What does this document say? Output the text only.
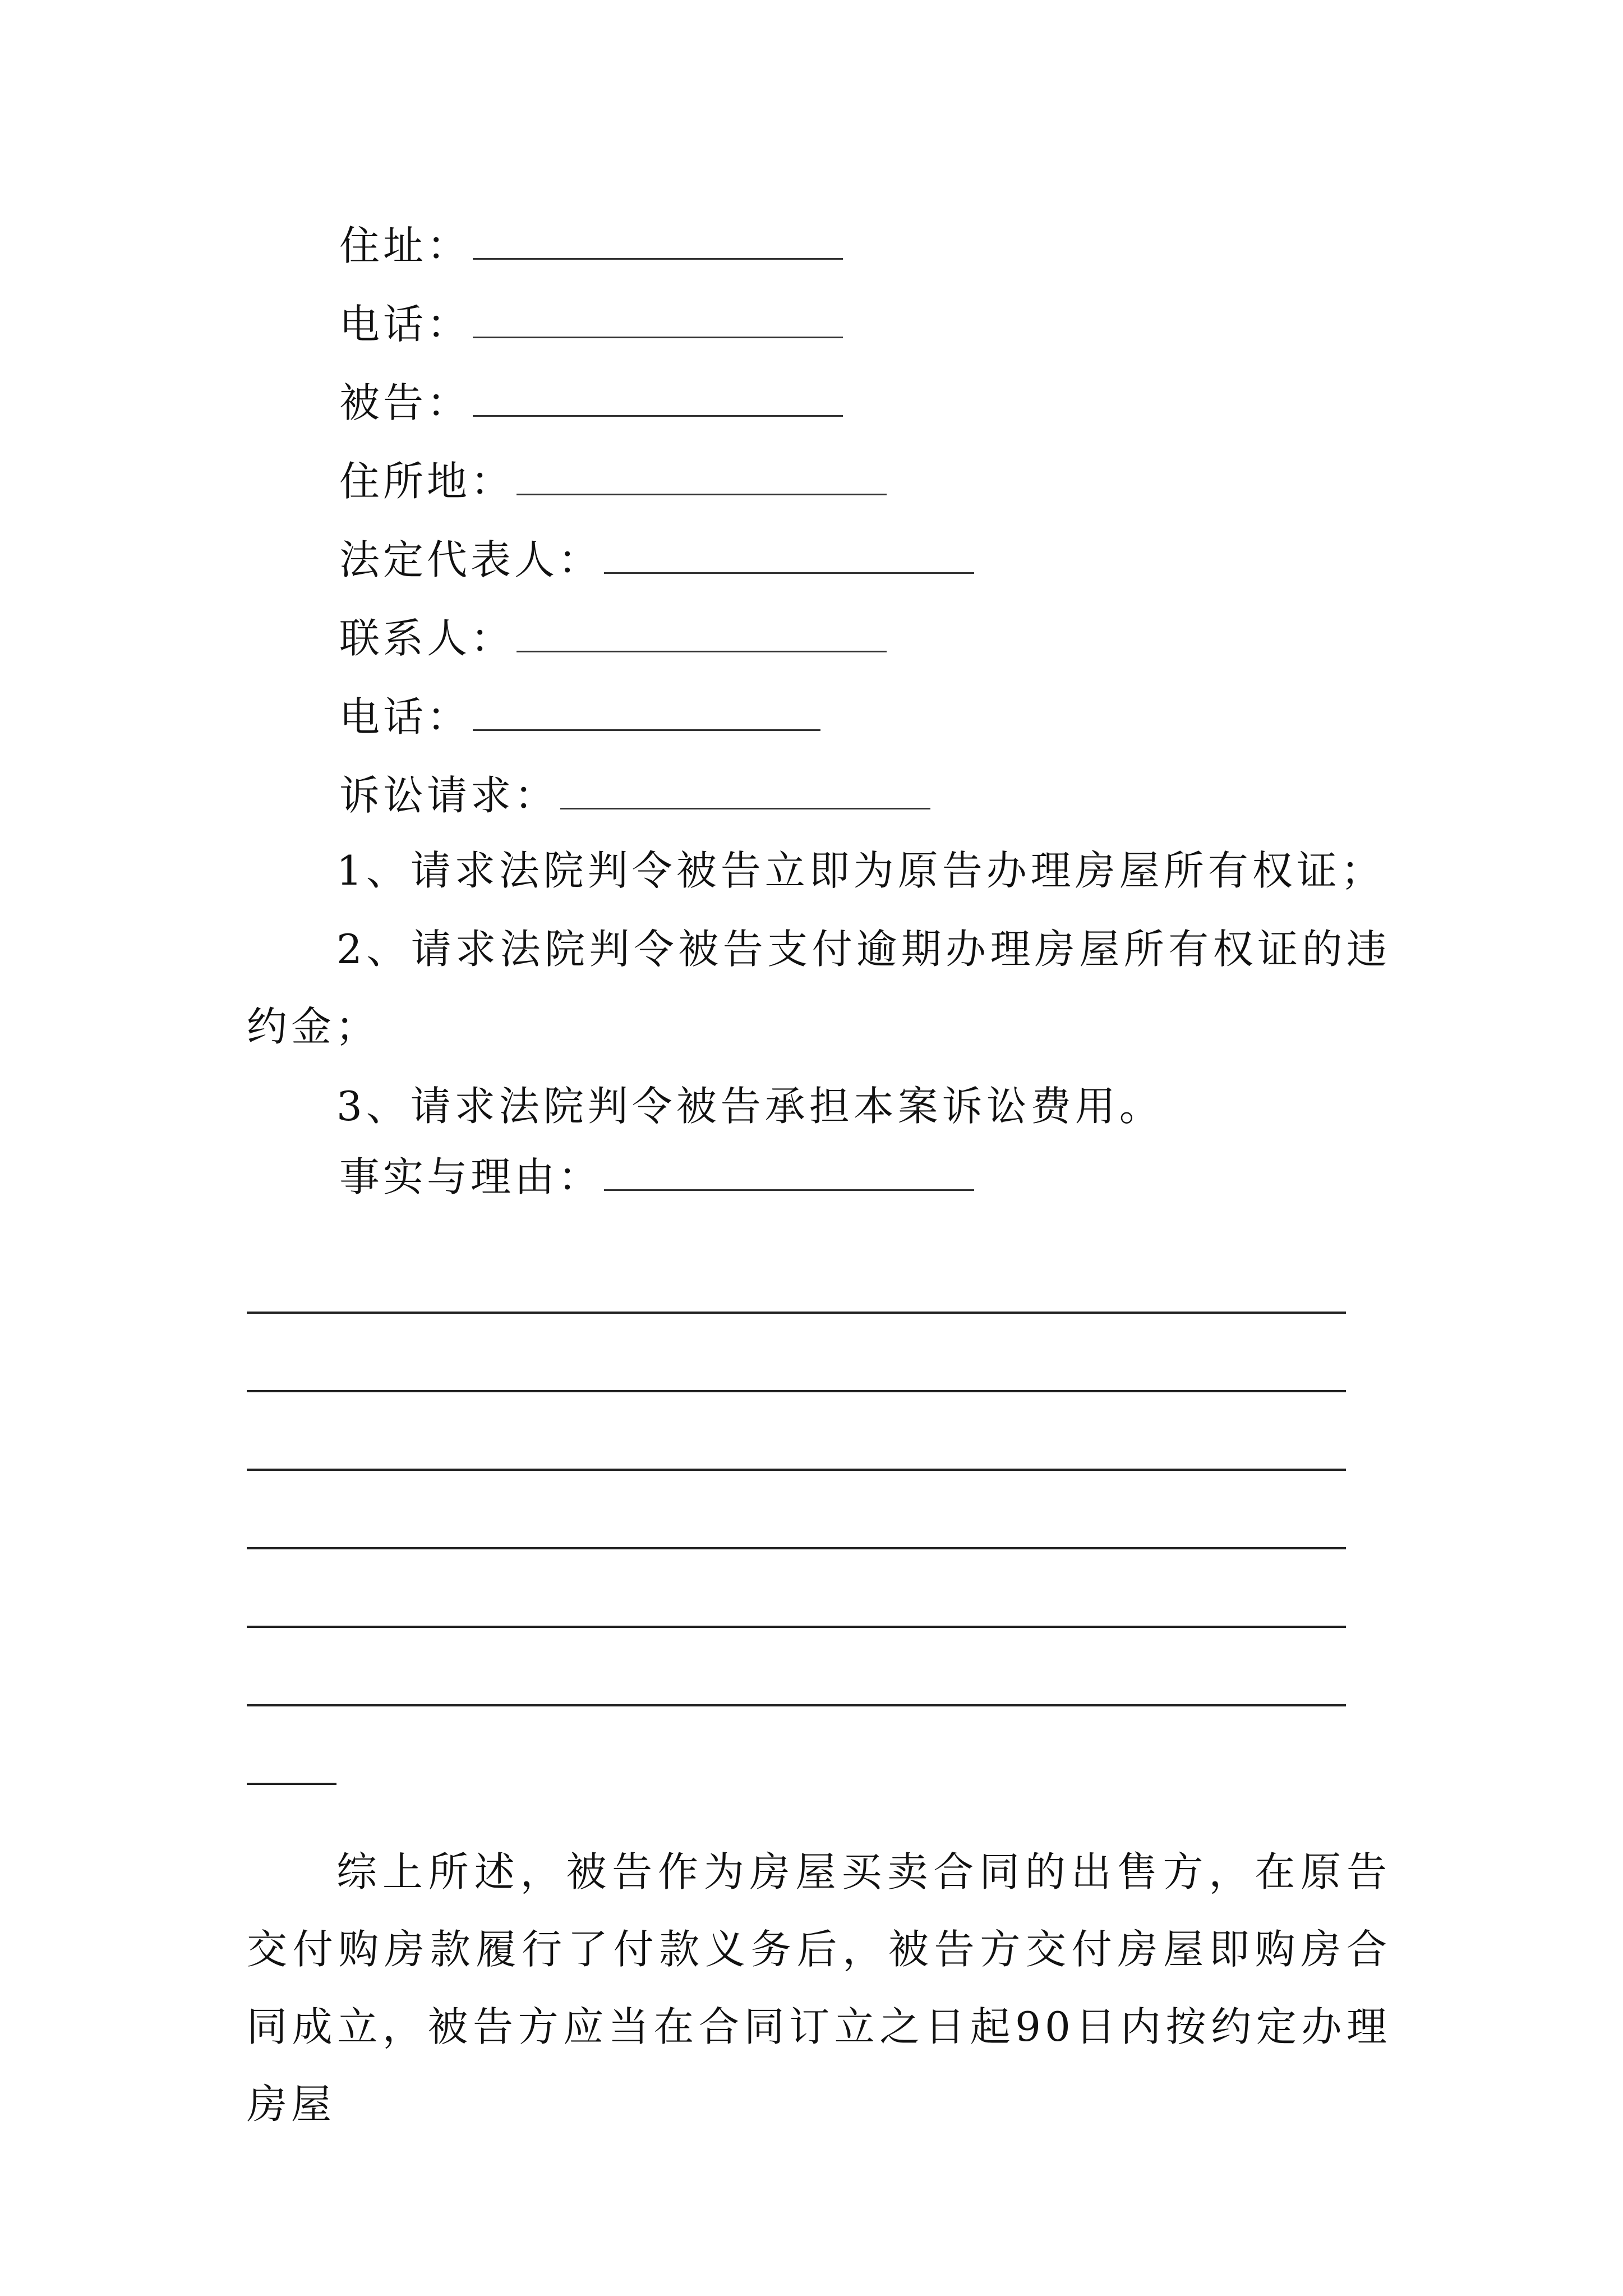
住址：
电话：
被告：
住所地：
法定代表人：
联系人：
电话：
诉讼请求：
1、请求法院判令被告立即为原告办理房屋所有权证；
2、请求法院判令被告支付逾期办理房屋所有权证的违约金；
3、请求法院判令被告承担本案诉讼费用。
事实与理由：
综上所述，被告作为房屋买卖合同的出售方，在原告交付购房款履行了付款义务后，被告方交付房屋即购房合同成立，被告方应当在合同订立之日起90日内按约定办理房屋
